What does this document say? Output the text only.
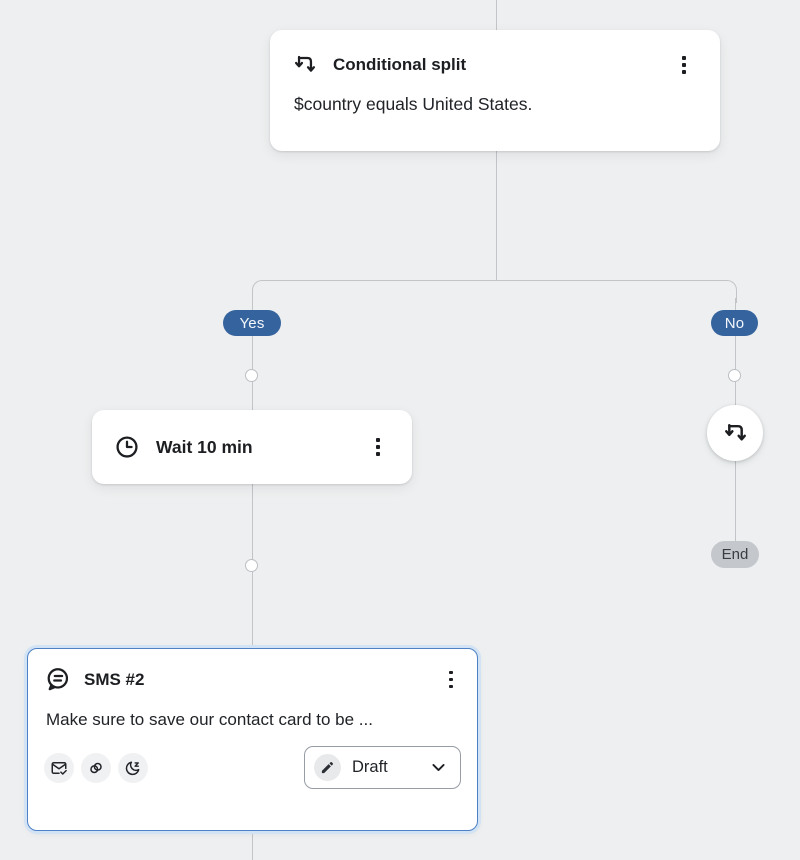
Conditional split
$country equals United States.
Yes	No
Wait 10 min
End
SMS #2
Make sure to save our contact card to be ...
Draft
